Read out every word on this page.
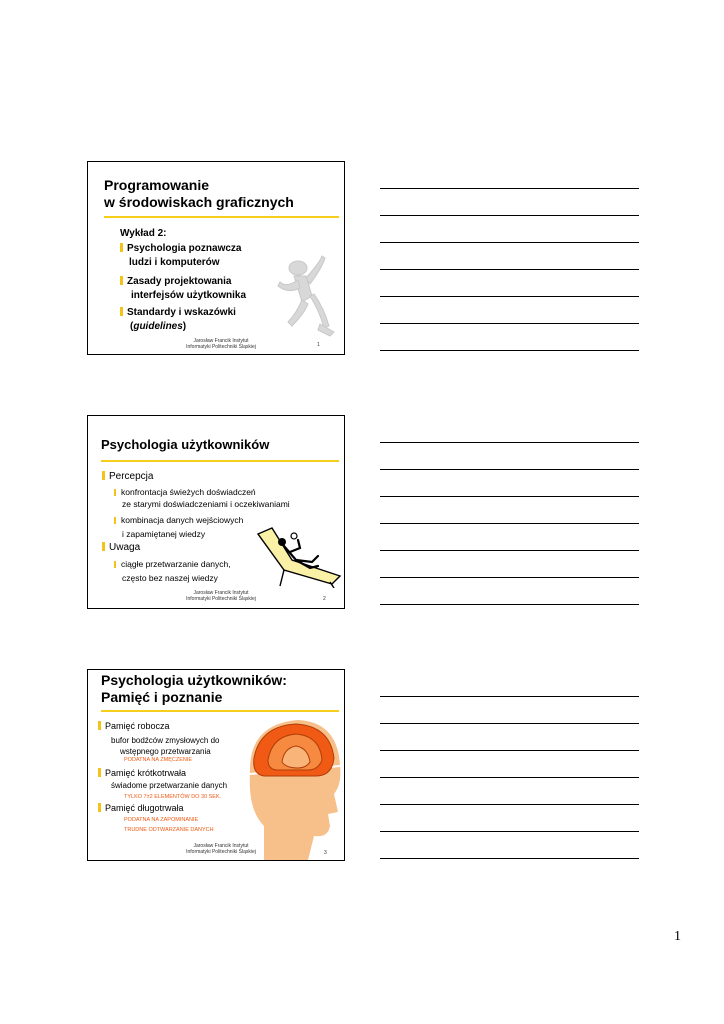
Programowanie
w środowiskach graficznych
Wykład 2:
Psychologia poznawcza
ludzi i komputerów
Zasady projektowania
interfejsów użytkownika
Standardy i wskazówki
(guidelines)
Jarosław Francik Instytut
Informatyki Politechniki Śląskiej	1
Psychologia użytkowników
Percepcja
konfrontacja świeżych doświadczeń
ze starymi doświadczeniami i oczekiwaniami
kombinacja danych wejściowych
i zapamiętanej wiedzy
Uwaga
ciągłe przetwarzanie danych,
często bez naszej wiedzy
Jarosław Francik Instytut
Informatyki Politechniki Śląskiej	2
Psychologia użytkowników:
Pamięć i poznanie
Pamięć robocza
bufor bodźców zmysłowych do
wstępnego przetwarzania
PODATNA NA ZMĘCZENIE
Pamięć krótkotrwała
świadome przetwarzanie danych
TYLKO 7±2 ELEMENTÓW DO 30 SEK.
Pamięć długotrwała
PODATNA NA ZAPOMINANIE
TRUDNE ODTWARZANIE DANYCH
Jarosław Francik Instytut
Informatyki Politechniki Śląskiej	3
1
